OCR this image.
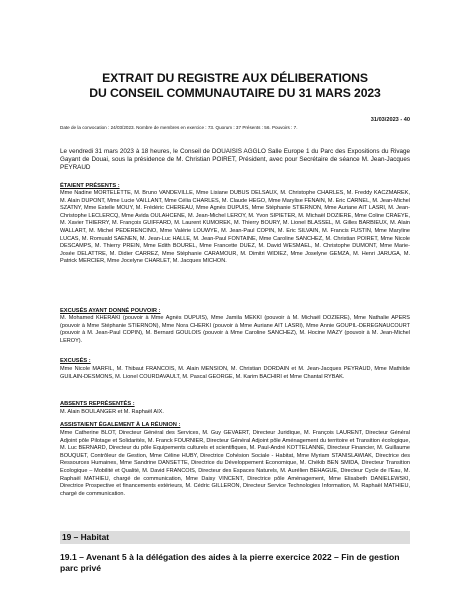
EXTRAIT DU REGISTRE AUX DÉLIBERATIONS
DU CONSEIL COMMUNAUTAIRE DU 31 MARS 2023
31/03/2023 - 40
Date de la convocation : 24/03/2023. Nombre de membres en exercice : 73. Quorum : 37 Présents : 56. Pouvoirs : 7.
Le vendredi 31 mars 2023 à 18 heures, le Conseil de DOUAISIS AGGLO Salle Europe 1 du Parc des Expositions du Rivage Gayant de Douai, sous la présidence de M. Christian POIRET, Président, avec pour Secrétaire de séance M. Jean-Jacques PEYRAUD
ÉTAIENT PRÉSENTS :
Mme Nadine MORTELETTE, M. Bruno VANDEVILLE, Mme Lisiane DUBUS DELSAUX, M. Christophe CHARLES, M. Freddy KACZMAREK, M. Alain DUPONT, Mme Lucie VAILLANT, Mme Célia CHARLES, M. Claude HEGO, Mme Marylise FENAIN, M. Eric CARNEL, M. Jean-Michel SZATNY, Mme Estelle MOUY, M. Frédéric CHEREAU, Mme Agnès DUPUIS, Mme Stéphanie STIERNON, Mme Auriane AIT LASRI, M. Jean-Christophe LECLERCQ, Mme Avida OULAHCENE, M. Jean-Michel LEROY, M. Yvon SIPIETER, M. Michaël DOZIERE, Mme Coline CRAEYE, M. Xavier THIERRY, M. François GUIFFARD, M. Laurent KUMOREK, M. Thierry BOURY, M. Lionel BLASSEL, M. Gilles BARBIEUX, M. Alain WALLART, M. Michel PEDERENCINO, Mme Valérie LOUWYE, M. Jean-Paul COPIN, M. Eric SILVAIN, M. Francis FUSTIN, Mme Maryline LUCAS, M. Romuald SAENEN, M. Jean-Luc HALLE, M. Jean-Paul FONTAINE, Mme Caroline SANCHEZ, M. Christian POIRET, Mme Nicole DESCAMPS, M. Thierry PREIN, Mme Edith BOUREL, Mme Francette DUEZ, M. David WESMAEL, M. Christophe DUMONT, Mme Marie-Josée DELATTRE, M. Didier CARREZ, Mme Stéphanie CARAMOUR, M. Dimitri WIDIEZ, Mme Joselyne GEMZA, M. Henri JARUGA, M. Patrick MERCIER, Mme Jocelyne CHARLET, M. Jacques MICHON.
EXCUSÉS AYANT DONNÉ POUVOIR :
M. Mohamed KHERAKI (pouvoir à Mme Agnès DUPUIS), Mme Jamila MEKKI (pouvoir à M. Michaël DOZIERE), Mme Nathalie APERS (pouvoir à Mme Stéphanie STIERNON), Mme Nora CHERKI (pouvoir à Mme Auriane AIT LASRI), Mme Annie GOUPIL-DEREGNAUCOURT (pouvoir à M. Jean-Paul COPIN), M. Bernard GOULOIS (pouvoir à Mme Caroline SANCHEZ), M. Hocine MAZY (pouvoir à M. Jean-Michel LEROY).
EXCUSÉS :
Mme Nicole MARFIL, M. Thibaut FRANCOIS, M. Alain MENSION, M. Christian DORDAIN et M. Jean-Jacques PEYRAUD, Mme Mathilde GUILAIN-DESMONS, M. Lionel COURDAVAULT, M. Pascal GEORGE, M. Karim BACHIRI et Mme Chantal RYBAK.
ABSENTS REPRÉSENTÉS :
M. Alain BOULANGER et M. Raphaël AIX.
ASSISTAIENT ÉGALEMENT À LA RÉUNION :
Mme Catherine BLOT, Directeur Général des Services, M. Guy GEVAERT, Directeur Juridique, M. François LAURENT, Directeur Général Adjoint pôle Pilotage et Solidarités, M. Franck FOURNIER, Directeur Général Adjoint pôle Aménagement du territoire et Transition écologique, M. Luc BERNARD, Directeur du pôle Equipements culturels et scientifiques, M. Paul-André KOTTELANNE, Directeur Financier, M. Guillaume BOUQUET, Contrôleur de Gestion, Mme Céline HUBY, Directrice Cohésion Sociale - Habitat, Mme Myriam STANISLAWIAK, Directrice des Ressources Humaines, Mme Sandrine DANSETTE, Directrice du Développement Economique, M. Chékib BEN SMIDA, Directeur Transition Ecologique – Mobilité et Qualité, M. David FRANCOIS, Directeur des Espaces Naturels, M. Aurélien BEHAGUE, Directeur Cycle de l'Eau, M. Raphaël MATHIEU, chargé de communication, Mme Daisy VINCENT, Directrice pôle Aménagement, Mme Elisabeth DANIELEWSKI, Directrice Prospective et financements extérieurs, M. Cédric GILLERON, Directeur Service Technologies Information, M. Raphaël MATHIEU, chargé de communication.
19 – Habitat
19.1 – Avenant 5 à la délégation des aides à la pierre exercice 2022 – Fin de gestion parc privé
